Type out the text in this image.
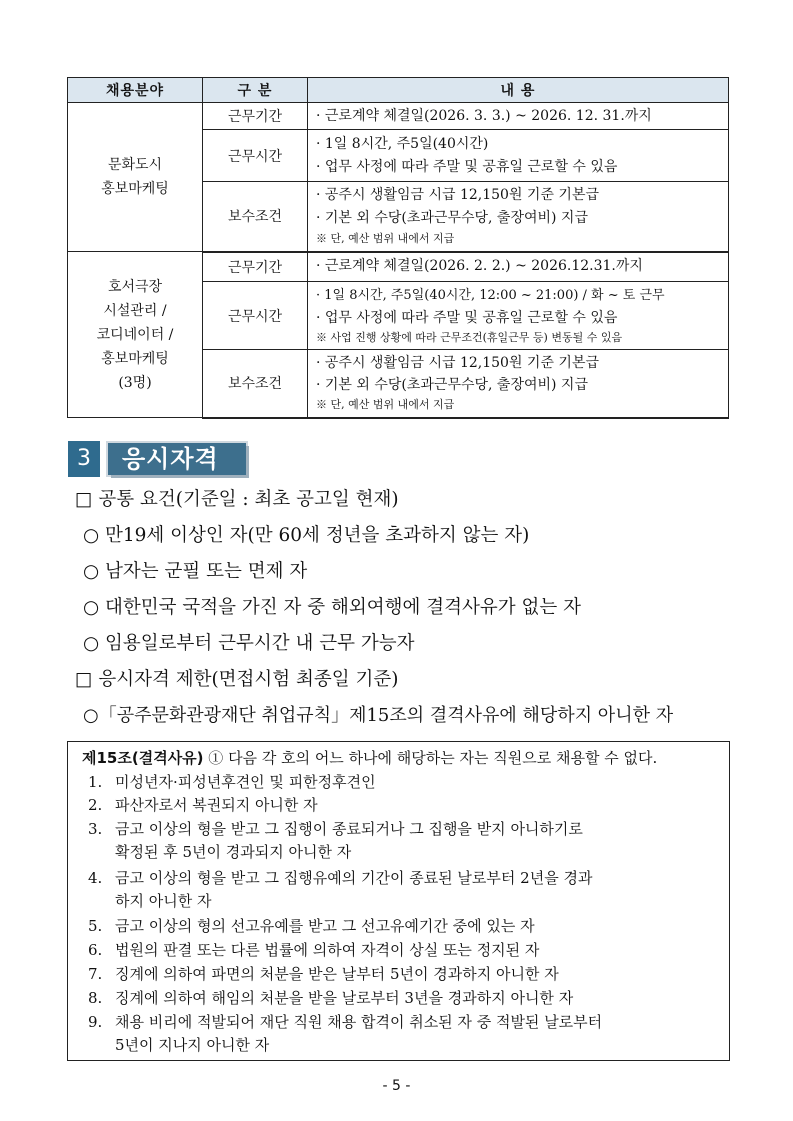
채용분야	구 분	내 용

문화도시
홍보마케팅	근무기간	· 근로계약 체결일(2026. 3. 3.) ~ 2026. 12. 31.까지

	근무시간	· 1일 8시간, 주5일(40시간)
· 업무 사정에 따라 주말 및 공휴일 근로할 수 있음

	보수조건	· 공주시 생활임금 시급 12,150원 기준 기본급
· 기본 외 수당(초과근무수당, 출장여비) 지급
※ 단, 예산 범위 내에서 지급

호서극장
시설관리 /
코디네이터 /
홍보마케팅
(3명)	근무기간	· 근로계약 체결일(2026. 2. 2.) ~ 2026.12.31.까지

	근무시간	· 1일 8시간, 주5일(40시간, 12:00 ~ 21:00) / 화 ~ 토 근무
· 업무 사정에 따라 주말 및 공휴일 근로할 수 있음
※ 사업 진행 상황에 따라 근무조건(휴일근무 등) 변동될 수 있음

	보수조건	· 공주시 생활임금 시급 12,150원 기준 기본급
· 기본 외 수당(초과근무수당, 출장여비) 지급
※ 단, 예산 범위 내에서 지급
3	응시자격
□ 공통 요건(기준일 : 최초 공고일 현재)
○ 만19세 이상인 자(만 60세 정년을 초과하지 않는 자)
○ 남자는 군필 또는 면제 자
○ 대한민국 국적을 가진 자 중 해외여행에 결격사유가 없는 자
○ 임용일로부터 근무시간 내 근무 가능자
□ 응시자격 제한(면접시험 최종일 기준)
○「공주문화관광재단 취업규칙」제15조의 결격사유에 해당하지 아니한 자
제15조(결격사유) ① 다음 각 호의 어느 하나에 해당하는 자는 직원으로 채용할 수 없다.
1. 미성년자·피성년후견인 및 피한정후견인
2. 파산자로서 복권되지 아니한 자
3. 금고 이상의 형을 받고 그 집행이 종료되거나 그 집행을 받지 아니하기로
확정된 후 5년이 경과되지 아니한 자
4. 금고 이상의 형을 받고 그 집행유예의 기간이 종료된 날로부터 2년을 경과
하지 아니한 자
5. 금고 이상의 형의 선고유예를 받고 그 선고유예기간 중에 있는 자
6. 법원의 판결 또는 다른 법률에 의하여 자격이 상실 또는 정지된 자
7. 징계에 의하여 파면의 처분을 받은 날부터 5년이 경과하지 아니한 자
8. 징계에 의하여 해임의 처분을 받을 날로부터 3년을 경과하지 아니한 자
9. 채용 비리에 적발되어 재단 직원 채용 합격이 취소된 자 중 적발된 날로부터
5년이 지나지 아니한 자
- 5 -
